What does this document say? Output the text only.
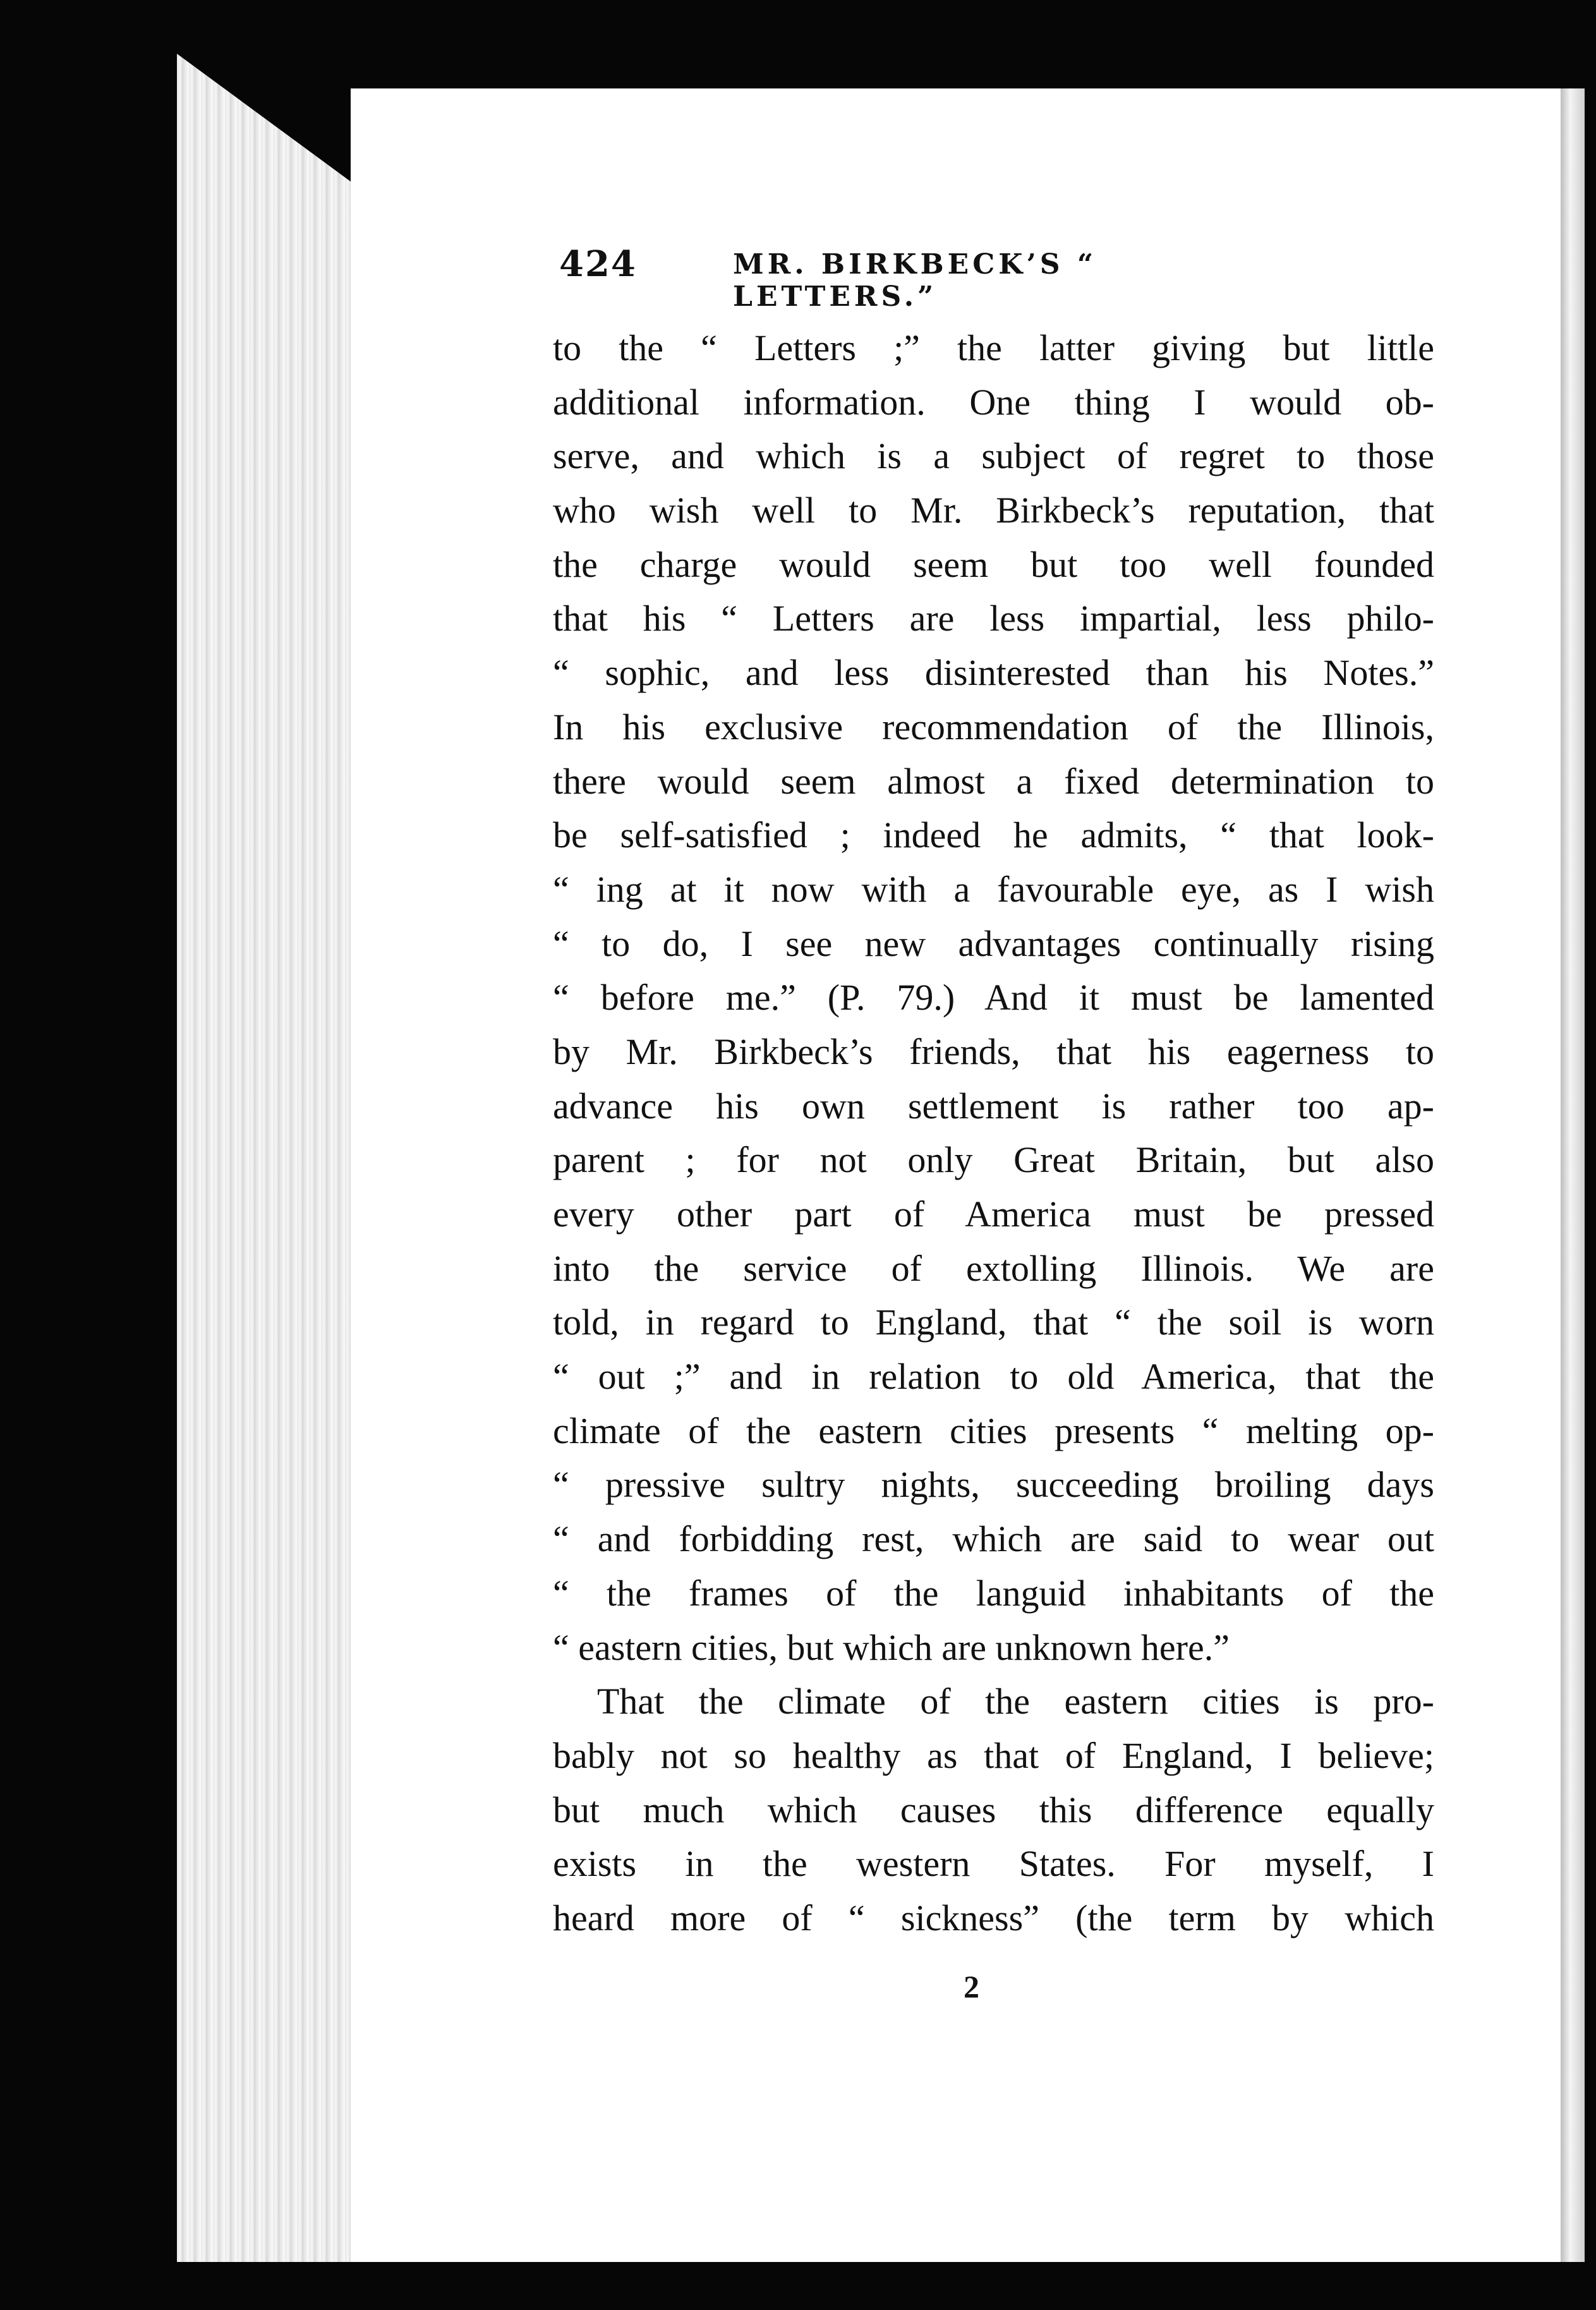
424	MR. BIRKBECK’S “ LETTERS.”
to the “ Letters ;” the latter giving but little
additional information. One thing I would ob-
serve, and which is a subject of regret to those
who wish well to Mr. Birkbeck’s reputation, that
the charge would seem but too well founded
that his “ Letters are less impartial, less philo-
“ sophic, and less disinterested than his Notes.”
In his exclusive recommendation of the Illinois,
there would seem almost a fixed determination to
be self-satisfied ; indeed he admits, “ that look-
“ ing at it now with a favourable eye, as I wish
“ to do, I see new advantages continually rising
“ before me.” (P. 79.) And it must be lamented
by Mr. Birkbeck’s friends, that his eagerness to
advance his own settlement is rather too ap-
parent ; for not only Great Britain, but also
every other part of America must be pressed
into the service of extolling Illinois. We are
told, in regard to England, that “ the soil is worn
“ out ;” and in relation to old America, that the
climate of the eastern cities presents “ melting op-
“ pressive sultry nights, succeeding broiling days
“ and forbidding rest, which are said to wear out
“ the frames of the languid inhabitants of the
“ eastern cities, but which are unknown here.”
That the climate of the eastern cities is pro-
bably not so healthy as that of England, I believe;
but much which causes this difference equally
exists in the western States. For myself, I
heard more of “ sickness” (the term by which
2
